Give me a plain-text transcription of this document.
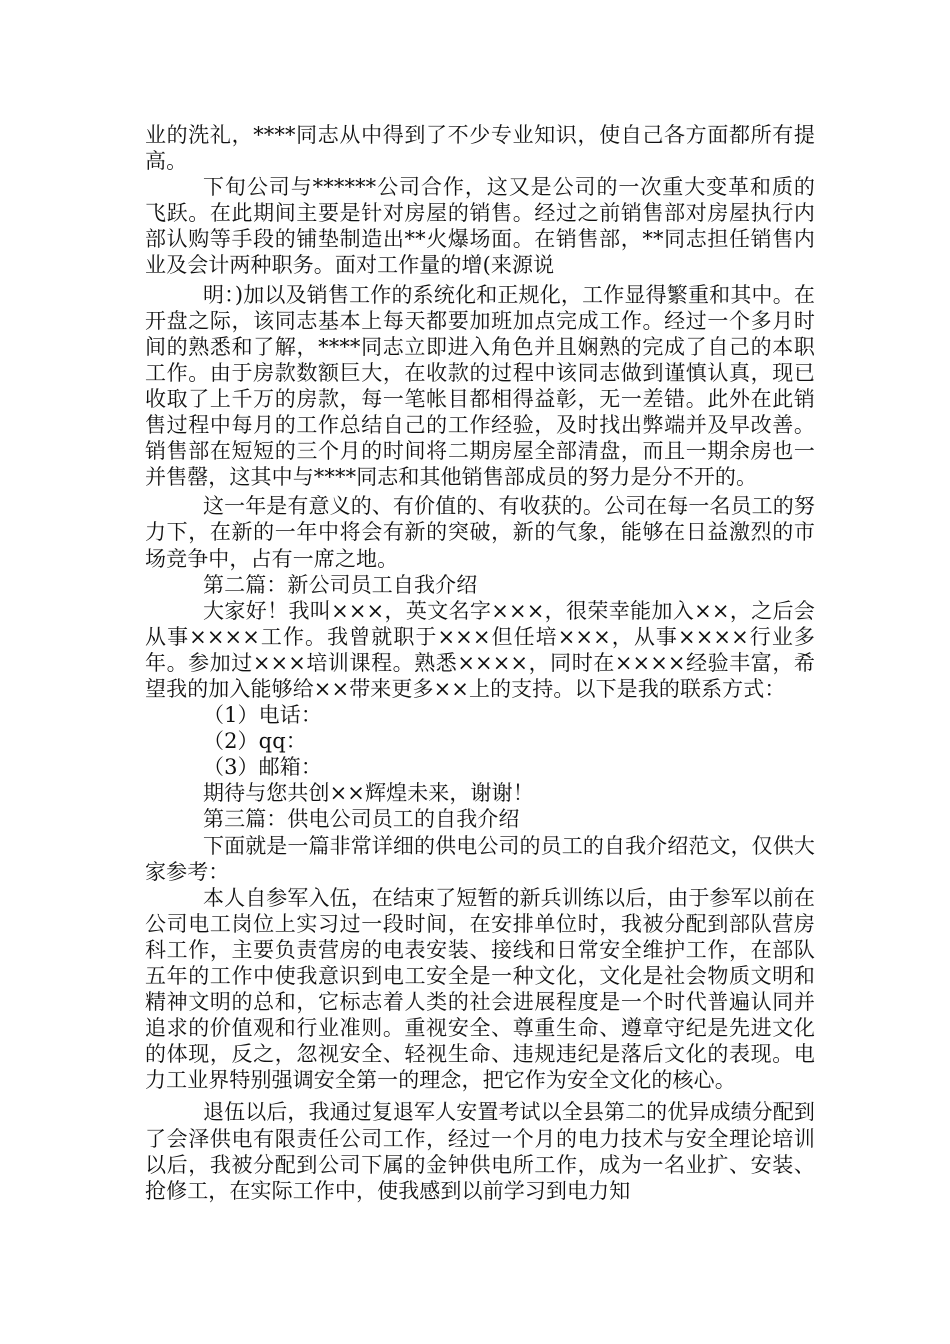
业的洗礼，****同志从中得到了不少专业知识，使自己各方面都所有提高。

下旬公司与******公司合作，这又是公司的一次重大变革和质的飞跃。在此期间主要是针对房屋的销售。经过之前销售部对房屋执行内部认购等手段的铺垫制造出**火爆场面。在销售部，**同志担任销售内业及会计两种职务。面对工作量的增(来源说

明：)加以及销售工作的系统化和正规化，工作显得繁重和其中。在开盘之际，该同志基本上每天都要加班加点完成工作。经过一个多月时间的熟悉和了解，****同志立即进入角色并且娴熟的完成了自己的本职工作。由于房款数额巨大，在收款的过程中该同志做到谨慎认真，现已收取了上千万的房款，每一笔帐目都相得益彰，无一差错。此外在此销售过程中每月的工作总结自己的工作经验，及时找出弊端并及早改善。销售部在短短的三个月的时间将二期房屋全部清盘，而且一期余房也一并售罄，这其中与****同志和其他销售部成员的努力是分不开的。

这一年是有意义的、有价值的、有收获的。公司在每一名员工的努力下，在新的一年中将会有新的突破，新的气象，能够在日益激烈的市场竞争中，占有一席之地。

第二篇：新公司员工自我介绍

大家好！我叫×××，英文名字×××，很荣幸能加入××，之后会从事××××工作。我曾就职于×××但任培×××，从事××××行业多年。参加过×××培训课程。熟悉××××，同时在××××经验丰富，希望我的加入能够给××带来更多××上的支持。以下是我的联系方式：

（1）电话：

（2）qq：

（3）邮箱：

期待与您共创××辉煌未来，谢谢！

第三篇：供电公司员工的自我介绍

下面就是一篇非常详细的供电公司的员工的自我介绍范文，仅供大家参考：

本人自参军入伍，在结束了短暂的新兵训练以后，由于参军以前在公司电工岗位上实习过一段时间，在安排单位时，我被分配到部队营房科工作，主要负责营房的电表安装、接线和日常安全维护工作，在部队五年的工作中使我意识到电工安全是一种文化，文化是社会物质文明和精神文明的总和，它标志着人类的社会进展程度是一个时代普遍认同并追求的价值观和行业准则。重视安全、尊重生命、遵章守纪是先进文化的体现，反之，忽视安全、轻视生命、违规违纪是落后文化的表现。电力工业界特别强调安全第一的理念，把它作为安全文化的核心。

退伍以后，我通过复退军人安置考试以全县第二的优异成绩分配到了会泽供电有限责任公司工作，经过一个月的电力技术与安全理论培训以后，我被分配到公司下属的金钟供电所工作，成为一名业扩、安装、抢修工，在实际工作中，使我感到以前学习到电力知
